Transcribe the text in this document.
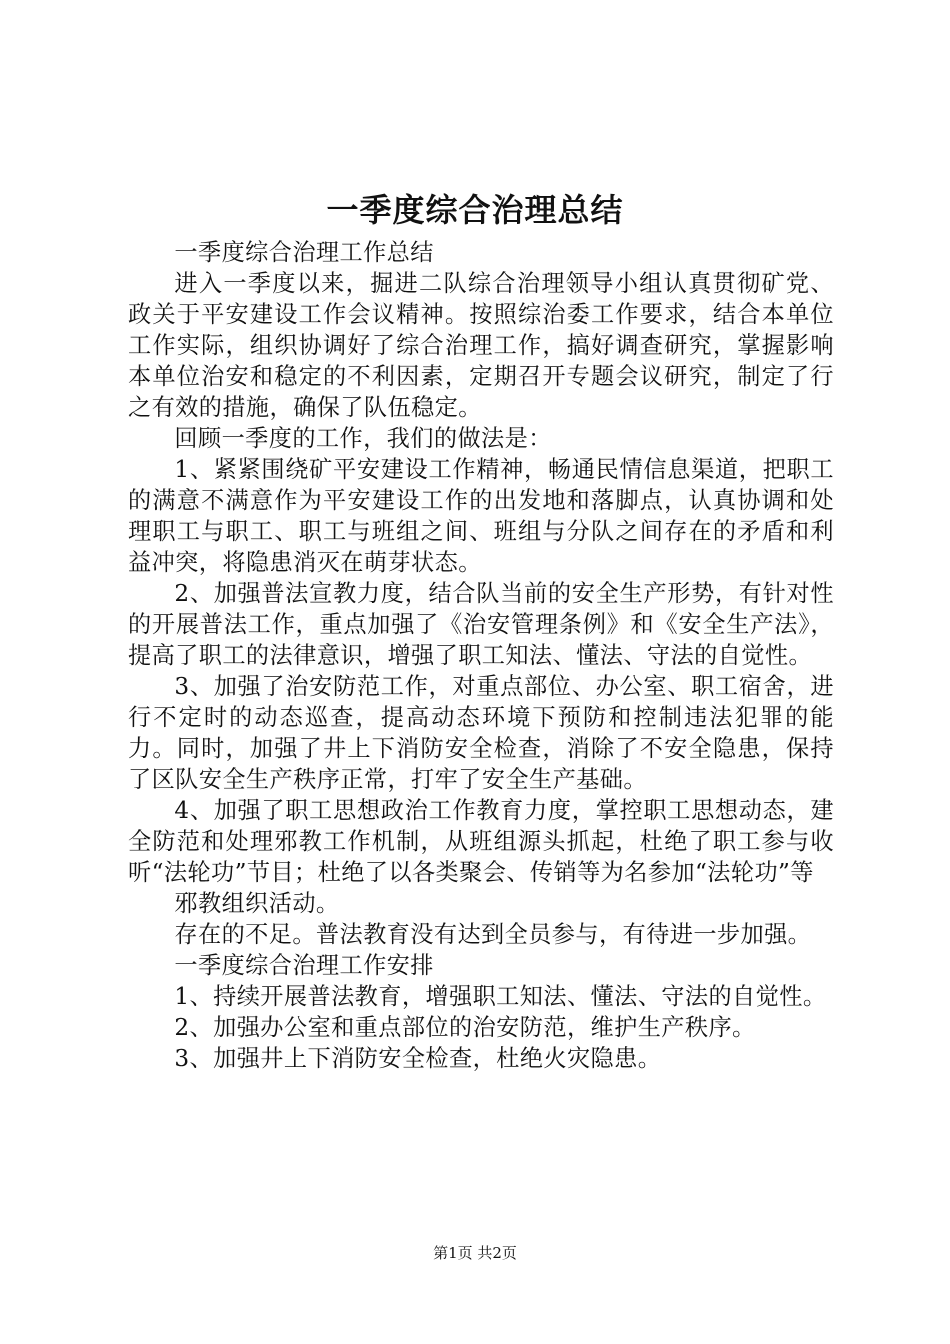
一季度综合治理总结

一季度综合治理工作总结

进入一季度以来，掘进二队综合治理领导小组认真贯彻矿党、政关于平安建设工作会议精神。按照综治委工作要求，结合本单位工作实际，组织协调好了综合治理工作，搞好调查研究，掌握影响本单位治安和稳定的不利因素，定期召开专题会议研究，制定了行之有效的措施，确保了队伍稳定。

回顾一季度的工作，我们的做法是：

1、紧紧围绕矿平安建设工作精神，畅通民情信息渠道，把职工的满意不满意作为平安建设工作的出发地和落脚点，认真协调和处理职工与职工、职工与班组之间、班组与分队之间存在的矛盾和利益冲突，将隐患消灭在萌芽状态。

2、加强普法宣教力度，结合队当前的安全生产形势，有针对性的开展普法工作，重点加强了《治安管理条例》和《安全生产法》，提高了职工的法律意识，增强了职工知法、懂法、守法的自觉性。

3、加强了治安防范工作，对重点部位、办公室、职工宿舍，进行不定时的动态巡查，提高动态环境下预防和控制违法犯罪的能力。同时，加强了井上下消防安全检查，消除了不安全隐患，保持了区队安全生产秩序正常，打牢了安全生产基础。

4、加强了职工思想政治工作教育力度，掌控职工思想动态，建全防范和处理邪教工作机制，从班组源头抓起，杜绝了职工参与收听“法轮功”节目；杜绝了以各类聚会、传销等为名参加“法轮功”等

邪教组织活动。

存在的不足。普法教育没有达到全员参与，有待进一步加强。

一季度综合治理工作安排

1、持续开展普法教育，增强职工知法、懂法、守法的自觉性。

2、加强办公室和重点部位的治安防范，维护生产秩序。

3、加强井上下消防安全检查，杜绝火灾隐患。

第1页 共2页
